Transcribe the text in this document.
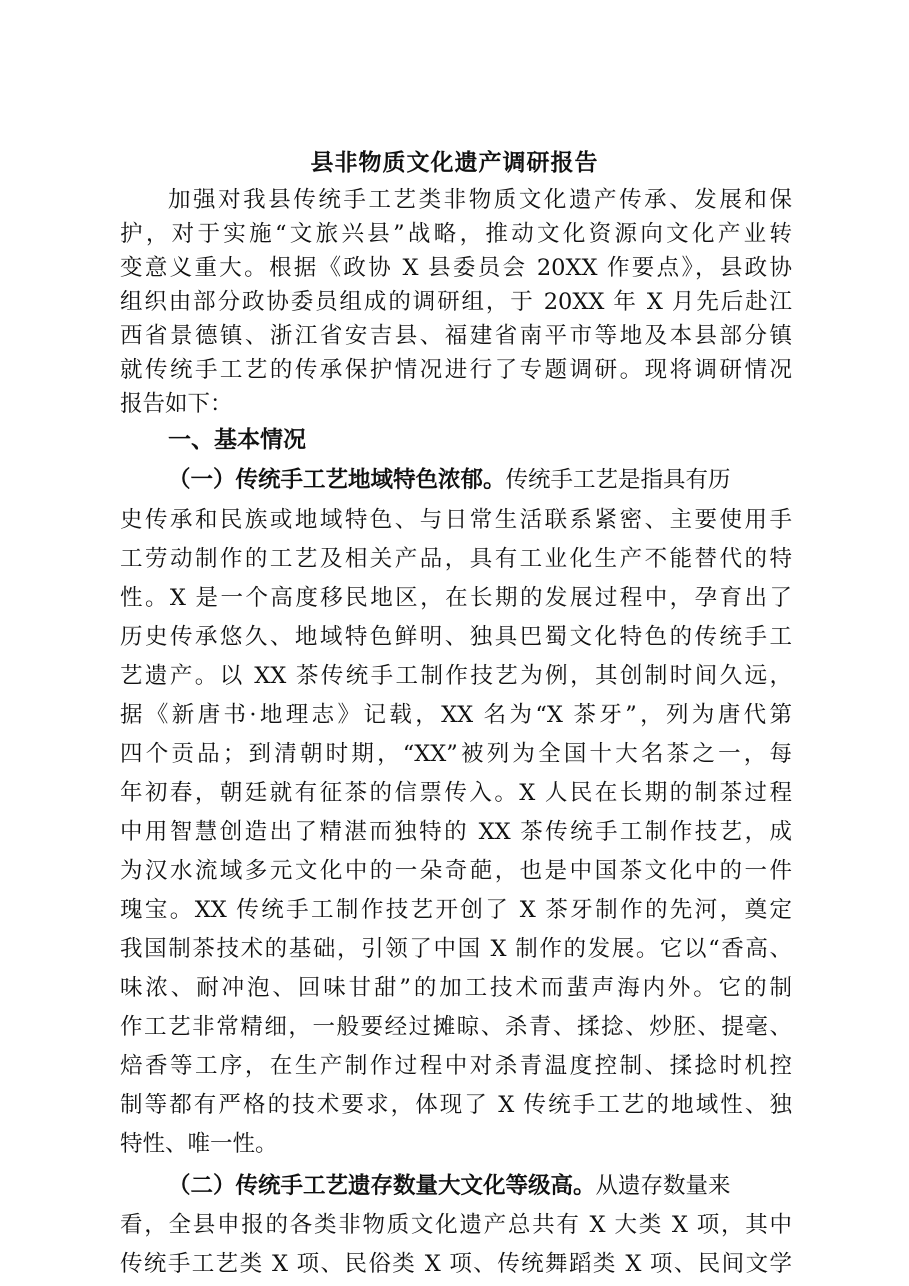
县非物质文化遗产调研报告
加强对我县传统手工艺类非物质文化遗产传承、发展和保
护，对于实施“文旅兴县”战略，推动文化资源向文化产业转
变意义重大。根据《政协 X 县委员会 20XX 作要点》，县政协
组织由部分政协委员组成的调研组，于 20XX 年 X 月先后赴江
西省景德镇、浙江省安吉县、福建省南平市等地及本县部分镇
就传统手工艺的传承保护情况进行了专题调研。现将调研情况
报告如下：
一、基本情况
（一）传统手工艺地域特色浓郁。传统手工艺是指具有历
史传承和民族或地域特色、与日常生活联系紧密、主要使用手
工劳动制作的工艺及相关产品，具有工业化生产不能替代的特
性。X 是一个高度移民地区，在长期的发展过程中，孕育出了
历史传承悠久、地域特色鲜明、独具巴蜀文化特色的传统手工
艺遗产。以 XX 茶传统手工制作技艺为例，其创制时间久远，
据《新唐书·地理志》记载，XX 名为“X 茶牙”，列为唐代第
四个贡品；到清朝时期，“XX”被列为全国十大名茶之一，每
年初春，朝廷就有征茶的信票传入。X 人民在长期的制茶过程
中用智慧创造出了精湛而独特的 XX 茶传统手工制作技艺，成
为汉水流域多元文化中的一朵奇葩，也是中国茶文化中的一件
瑰宝。XX 传统手工制作技艺开创了 X 茶牙制作的先河，奠定
我国制茶技术的基础，引领了中国 X 制作的发展。它以“香高、
味浓、耐冲泡、回味甘甜”的加工技术而蜚声海内外。它的制
作工艺非常精细，一般要经过摊晾、杀青、揉捻、炒胚、提毫、
焙香等工序，在生产制作过程中对杀青温度控制、揉捻时机控
制等都有严格的技术要求，体现了 X 传统手工艺的地域性、独
特性、唯一性。
（二）传统手工艺遗存数量大文化等级高。从遗存数量来
看，全县申报的各类非物质文化遗产总共有 X 大类 X 项，其中
传统手工艺类 X 项、民俗类 X 项、传统舞蹈类 X 项、民间文学
